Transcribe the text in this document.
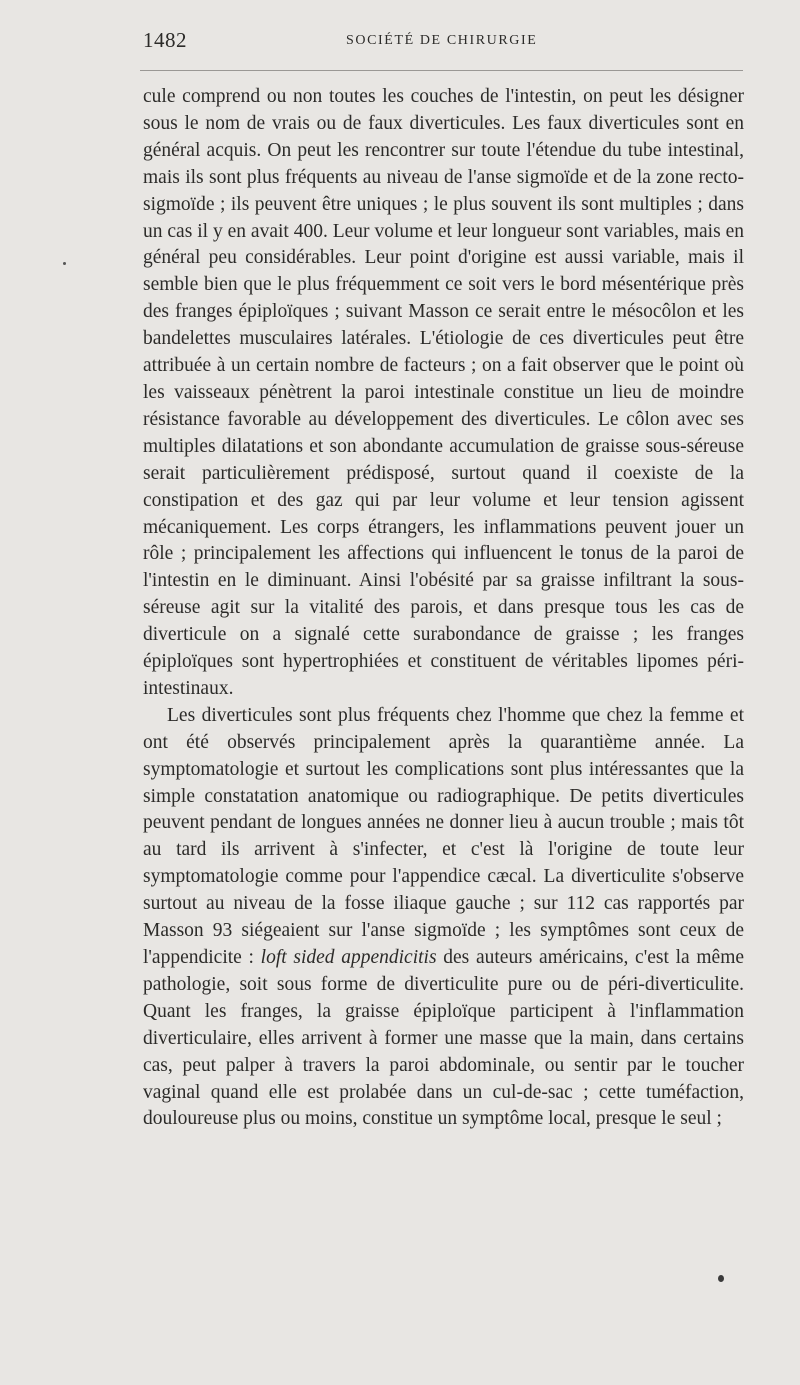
1482	SOCIÉTÉ DE CHIRURGIE

cule comprend ou non toutes les couches de l'intestin, on peut les désigner sous le nom de vrais ou de faux diverticules. Les faux diverticules sont en général acquis. On peut les rencontrer sur toute l'étendue du tube intestinal, mais ils sont plus fréquents au niveau de l'anse sigmoïde et de la zone recto-sigmoïde ; ils peuvent être uniques ; le plus souvent ils sont multiples ; dans un cas il y en avait 400. Leur volume et leur longueur sont variables, mais en général peu considérables. Leur point d'origine est aussi variable, mais il semble bien que le plus fréquemment ce soit vers le bord mésentérique près des franges épiploïques ; suivant Masson ce serait entre le mésocôlon et les bandelettes musculaires latérales. L'étiologie de ces diverticules peut être attribuée à un certain nombre de facteurs ; on a fait observer que le point où les vaisseaux pénètrent la paroi intestinale constitue un lieu de moindre résistance favorable au développement des diverticules. Le côlon avec ses multiples dilatations et son abondante accumulation de graisse sous-séreuse serait particulièrement prédisposé, surtout quand il coexiste de la constipation et des gaz qui par leur volume et leur tension agissent mécaniquement. Les corps étrangers, les inflammations peuvent jouer un rôle ; principalement les affections qui influencent le tonus de la paroi de l'intestin en le diminuant. Ainsi l'obésité par sa graisse infiltrant la sous-séreuse agit sur la vitalité des parois, et dans presque tous les cas de diverticule on a signalé cette surabondance de graisse ; les franges épiploïques sont hypertrophiées et constituent de véritables lipomes péri-intestinaux.

Les diverticules sont plus fréquents chez l'homme que chez la femme et ont été observés principalement après la quarantième année. La symptomatologie et surtout les complications sont plus intéressantes que la simple constatation anatomique ou radiographique. De petits diverticules peuvent pendant de longues années ne donner lieu à aucun trouble ; mais tôt au tard ils arrivent à s'infecter, et c'est là l'origine de toute leur symptomatologie comme pour l'appendice cæcal. La diverticulite s'observe surtout au niveau de la fosse iliaque gauche ; sur 112 cas rapportés par Masson 93 siégeaient sur l'anse sigmoïde ; les symptômes sont ceux de l'appendicite : loft sided appendicitis des auteurs américains, c'est la même pathologie, soit sous forme de diverticulite pure ou de péri-diverticulite. Quant les franges, la graisse épiploïque participent à l'inflammation diverticulaire, elles arrivent à former une masse que la main, dans certains cas, peut palper à travers la paroi abdominale, ou sentir par le toucher vaginal quand elle est prolabée dans un cul-de-sac ; cette tuméfaction, douloureuse plus ou moins, constitue un symptôme local, presque le seul ;
